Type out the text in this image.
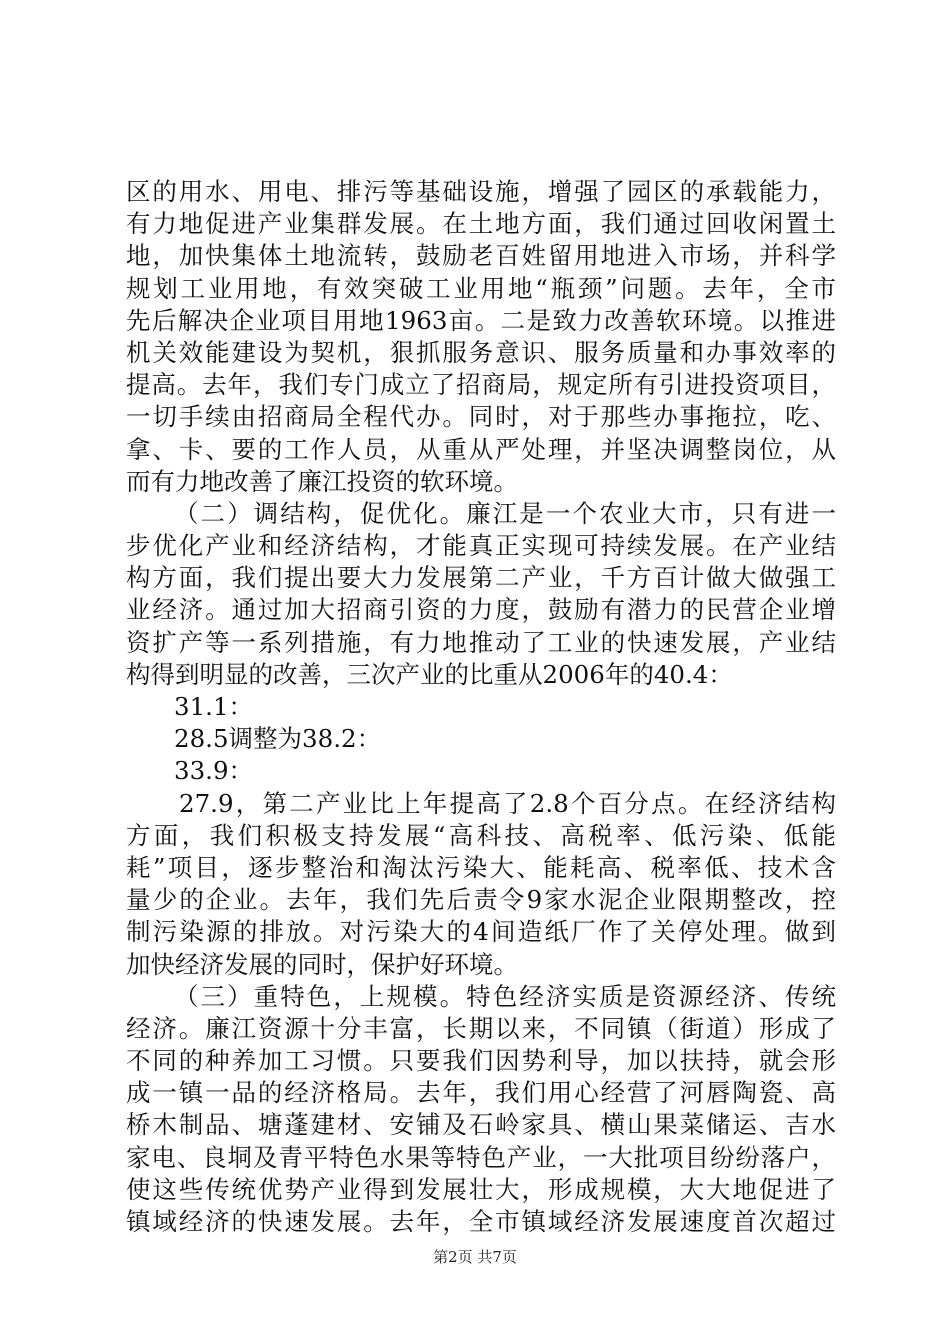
区的用水、用电、排污等基础设施，增强了园区的承载能力，
有力地促进产业集群发展。在土地方面，我们通过回收闲置土
地，加快集体土地流转，鼓励老百姓留用地进入市场，并科学
规划工业用地，有效突破工业用地“瓶颈”问题。去年，全市
先后解决企业项目用地1963亩。二是致力改善软环境。以推进
机关效能建设为契机，狠抓服务意识、服务质量和办事效率的
提高。去年，我们专门成立了招商局，规定所有引进投资项目，
一切手续由招商局全程代办。同时，对于那些办事拖拉，吃、
拿、卡、要的工作人员，从重从严处理，并坚决调整岗位，从
而有力地改善了廉江投资的软环境。
（二）调结构，促优化。廉江是一个农业大市，只有进一
步优化产业和经济结构，才能真正实现可持续发展。在产业结
构方面，我们提出要大力发展第二产业，千方百计做大做强工
业经济。通过加大招商引资的力度，鼓励有潜力的民营企业增
资扩产等一系列措施，有力地推动了工业的快速发展，产业结
构得到明显的改善，三次产业的比重从2006年的40.4：
31.1：
28.5调整为38.2：
33.9：
27.9，第二产业比上年提高了2.8个百分点。在经济结构
方面，我们积极支持发展“高科技、高税率、低污染、低能
耗”项目，逐步整治和淘汰污染大、能耗高、税率低、技术含
量少的企业。去年，我们先后责令9家水泥企业限期整改，控
制污染源的排放。对污染大的4间造纸厂作了关停处理。做到
加快经济发展的同时，保护好环境。
（三）重特色，上规模。特色经济实质是资源经济、传统
经济。廉江资源十分丰富，长期以来，不同镇（街道）形成了
不同的种养加工习惯。只要我们因势利导，加以扶持，就会形
成一镇一品的经济格局。去年，我们用心经营了河唇陶瓷、高
桥木制品、塘蓬建材、安铺及石岭家具、横山果菜储运、吉水
家电、良垌及青平特色水果等特色产业，一大批项目纷纷落户，
使这些传统优势产业得到发展壮大，形成规模，大大地促进了
镇域经济的快速发展。去年，全市镇域经济发展速度首次超过
第2页 共7页
